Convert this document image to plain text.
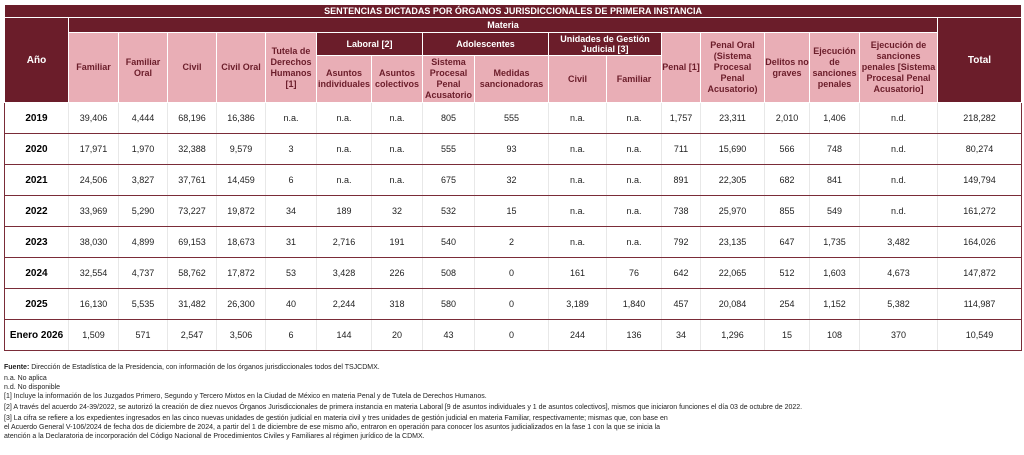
SENTENCIAS DICTADAS POR ÓRGANOS JURISDICCIONALES DE PRIMERA INSTANCIA																	
Año	Materia																Total
	Familiar	Familiar Oral	Civil	Civil Oral	Tutela de Derechos Humanos [1]	Laboral [2]		Adolescentes		Unidades de Gestión Judicial [3]		Penal [1]	Penal Oral (Sistema Procesal Penal Acusatorio)	Delitos no graves	Ejecución de sanciones penales	Ejecución de sanciones penales [Sistema Procesal Penal Acusatorio]	
						Asuntos individuales	Asuntos colectivos	Sistema Procesal Penal Acusatorio	Medidas sancionadoras	Civil	Familiar						
2019	39,406	4,444	68,196	16,386	n.a.	n.a.	n.a.	805	555	n.a.	n.a.	1,757	23,311	2,010	1,406	n.d.	218,282
2020	17,971	1,970	32,388	9,579	3	n.a.	n.a.	555	93	n.a.	n.a.	711	15,690	566	748	n.d.	80,274
2021	24,506	3,827	37,761	14,459	6	n.a.	n.a.	675	32	n.a.	n.a.	891	22,305	682	841	n.d.	149,794
2022	33,969	5,290	73,227	19,872	34	189	32	532	15	n.a.	n.a.	738	25,970	855	549	n.d.	161,272
2023	38,030	4,899	69,153	18,673	31	2,716	191	540	2	n.a.	n.a.	792	23,135	647	1,735	3,482	164,026
2024	32,554	4,737	58,762	17,872	53	3,428	226	508	0	161	76	642	22,065	512	1,603	4,673	147,872
2025	16,130	5,535	31,482	26,300	40	2,244	318	580	0	3,189	1,840	457	20,084	254	1,152	5,382	114,987
Enero 2026	1,509	571	2,547	3,506	6	144	20	43	0	244	136	34	1,296	15	108	370	10,549
Fuente: Dirección de Estadística de la Presidencia, con información de los órganos jurisdiccionales todos del TSJCDMX.
n.a. No aplica
n.d. No disponible
[1] Incluye la información de los Juzgados Primero, Segundo y Tercero Mixtos en la Ciudad de México en materia Penal y de Tutela de Derechos Humanos.
[2] A través del acuerdo 24-39/2022, se autorizó la creación de diez nuevos Órganos Jurisdiccionales de primera instancia en materia Laboral [9 de asuntos individuales y 1 de asuntos colectivos], mismos que iniciaron funciones el día 03 de octubre de 2022.
[3] La cifra se refiere a los expedientes ingresados en las cinco nuevas unidades de gestión judicial en materia civil y tres unidades de gestión judicial en materia Familiar, respectivamente; mismas que, con base en
el Acuerdo General V-106/2024 de fecha dos de diciembre de 2024, a partir del 1 de diciembre de ese mismo año, entraron en operación para conocer los asuntos judicializados en la fase 1 con la que se inicia la
atención a la Declaratoria de incorporación del Código Nacional de Procedimientos Civiles y Familiares al régimen jurídico de la CDMX.
